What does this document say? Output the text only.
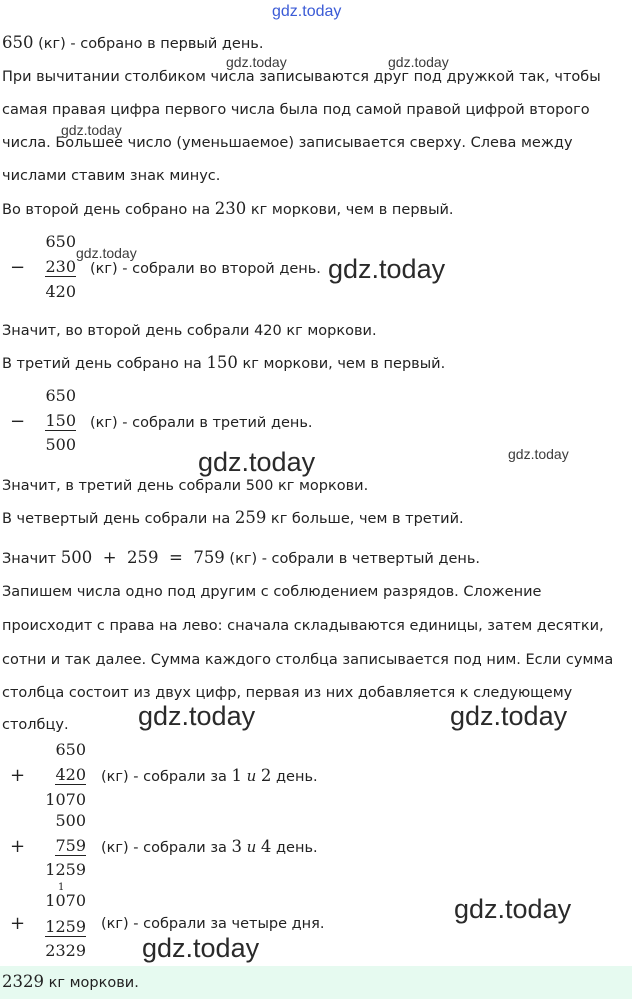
gdz.today
650 (кг) - собрано в первый день.
При вычитании столбиком числа записываются друг под дружкой так, чтобы
самая правая цифра первого числа была под самой правой цифрой второго
числа. Большее число (уменьшаемое) записывается сверху. Слева между
числами ставим знак минус.
Во второй день собрано на 230 кг моркови, чем в первый.
650
−	230 (кг) - собрали во второй день.
420
Значит, во второй день собрали 420 кг моркови.
В третий день собрано на 150 кг моркови, чем в первый.
650
−	150 (кг) - собрали в третий день.
500
Значит, в третий день собрали 500 кг моркови.
В четвертый день собрали на 259 кг больше, чем в третий.
Значит 500  +  259  =  759 (кг) - собрали в четвертый день.
Запишем числа одно под другим с соблюдением разрядов. Сложение
происходит с права на лево: сначала складываются единицы, затем десятки,
сотни и так далее. Сумма каждого столбца записывается под ним. Если сумма
столбца состоит из двух цифр, первая из них добавляется к следующему
столбцу.
650
+	420 (кг) - собрали за 1 и 2 день.
1070
500
+	759 (кг) - собрали за 3 и 4 день.
1259
1
1070
+	1259 (кг) - собрали за четыре дня.
2329
2329 кг моркови.
gdz.today	gdz.today
gdz.today
gdz.today
gdz.today
gdz.today	gdz.today
gdz.today	gdz.today
gdz.today
gdz.today
